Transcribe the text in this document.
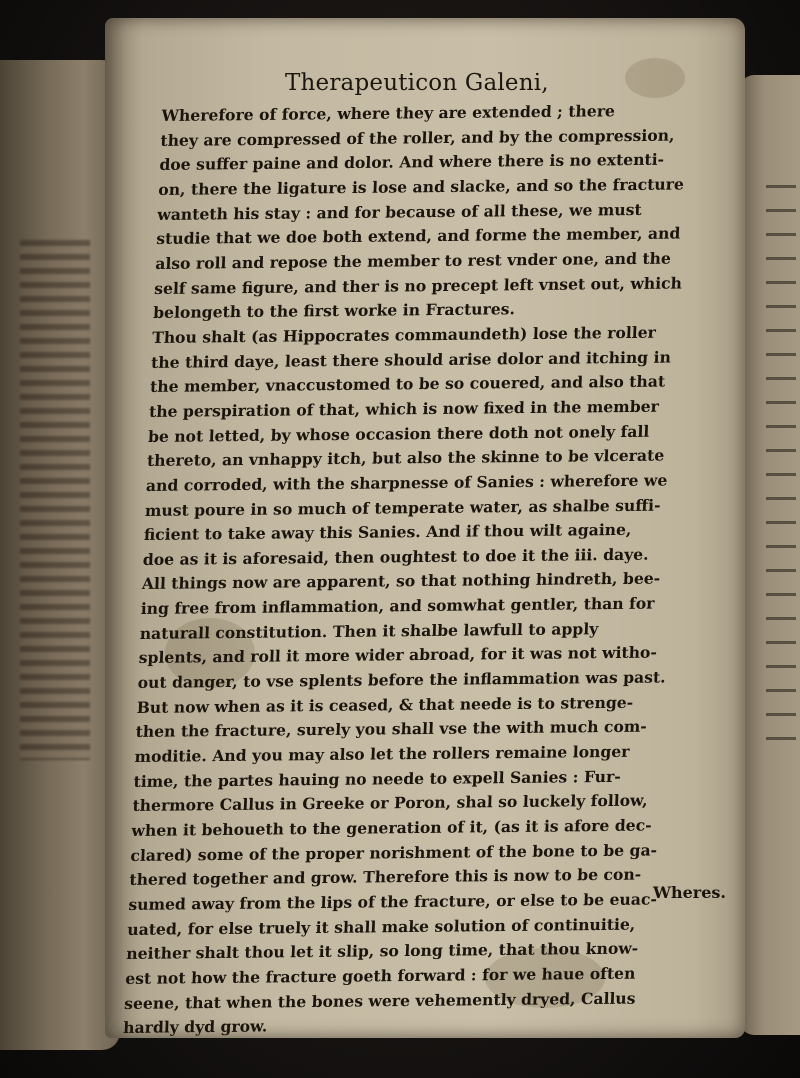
Therapeuticon Galeni,
Wherefore of force, where they are extended ; there
they are compressed of the roller, and by the compression,
doe suffer paine and dolor. And where there is no extenti-
on, there the ligature is lose and slacke, and so the fracture
wanteth his stay : and for because of all these, we must
studie that we doe both extend, and forme the member, and
also roll and repose the member to rest vnder one, and the
self same figure, and ther is no precept left vnset out, which
belongeth to the first worke in Fractures.
Thou shalt (as Hippocrates commaundeth) lose the roller
the third daye, least there should arise dolor and itching in
the member, vnaccustomed to be so couered, and also that
the perspiration of that, which is now fixed in the member
be not letted, by whose occasion there doth not onely fall
thereto, an vnhappy itch, but also the skinne to be vlcerate
and corroded, with the sharpnesse of Sanies : wherefore we
must poure in so much of temperate water, as shalbe suffi-
ficient to take away this Sanies. And if thou wilt againe,
doe as it is aforesaid, then oughtest to doe it the iii. daye.
All things now are apparent, so that nothing hindreth, bee-
ing free from inflammation, and somwhat gentler, than for
naturall constitution. Then it shalbe lawfull to apply
splents, and roll it more wider abroad, for it was not witho-
out danger, to vse splents before the inflammation was past.
But now when as it is ceased, & that neede is to strenge-
then the fracture, surely you shall vse the with much com-
moditie. And you may also let the rollers remaine longer
time, the partes hauing no neede to expell Sanies : Fur-
thermore Callus in Greeke or Poron, shal so luckely follow,
when it behoueth to the generation of it, (as it is afore dec-
clared) some of the proper norishment of the bone to be ga-
thered together and grow. Therefore this is now to be con-
sumed away from the lips of the fracture, or else to be euac-
uated, for else truely it shall make solution of continuitie,
neither shalt thou let it slip, so long time, that thou know-
est not how the fracture goeth forward : for we haue often
seene, that when the bones were vehemently dryed, Callus
hardly dyd grow.
Wheres.
